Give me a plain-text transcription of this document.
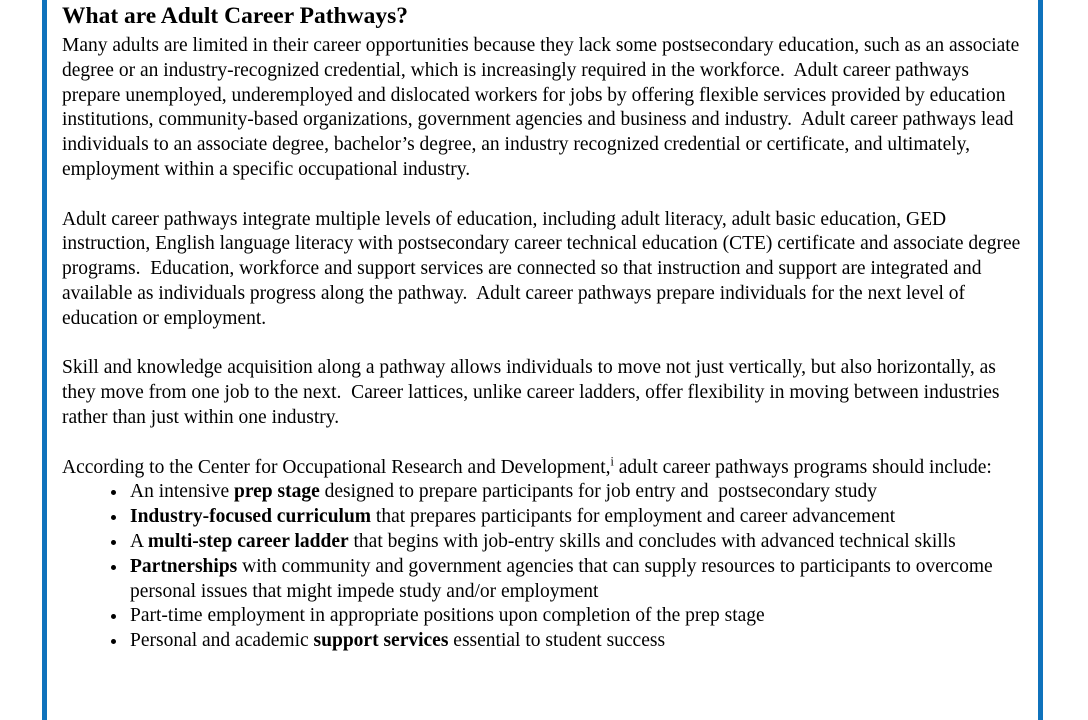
What are Adult Career Pathways?

Many adults are limited in their career opportunities because they lack some postsecondary education, such as an associate degree or an industry-recognized credential, which is increasingly required in the workforce.  Adult career pathways prepare unemployed, underemployed and dislocated workers for jobs by offering flexible services provided by education institutions, community-based organizations, government agencies and business and industry.  Adult career pathways lead individuals to an associate degree, bachelor’s degree, an industry recognized credential or certificate, and ultimately, employment within a specific occupational industry.

Adult career pathways integrate multiple levels of education, including adult literacy, adult basic education, GED instruction, English language literacy with postsecondary career technical education (CTE) certificate and associate degree programs.  Education, workforce and support services are connected so that instruction and support are integrated and available as individuals progress along the pathway.  Adult career pathways prepare individuals for the next level of education or employment.

Skill and knowledge acquisition along a pathway allows individuals to move not just vertically, but also horizontally, as they move from one job to the next.  Career lattices, unlike career ladders, offer flexibility in moving between industries rather than just within one industry.

According to the Center for Occupational Research and Development,$^i$ adult career pathways programs should include:

• An intensive prep stage designed to prepare participants for job entry and  postsecondary study
• Industry-focused curriculum that prepares participants for employment and career advancement
• A multi-step career ladder that begins with job-entry skills and concludes with advanced technical skills
• Partnerships with community and government agencies that can supply resources to participants to overcome personal issues that might impede study and/or employment
• Part-time employment in appropriate positions upon completion of the prep stage
• Personal and academic support services essential to student success
